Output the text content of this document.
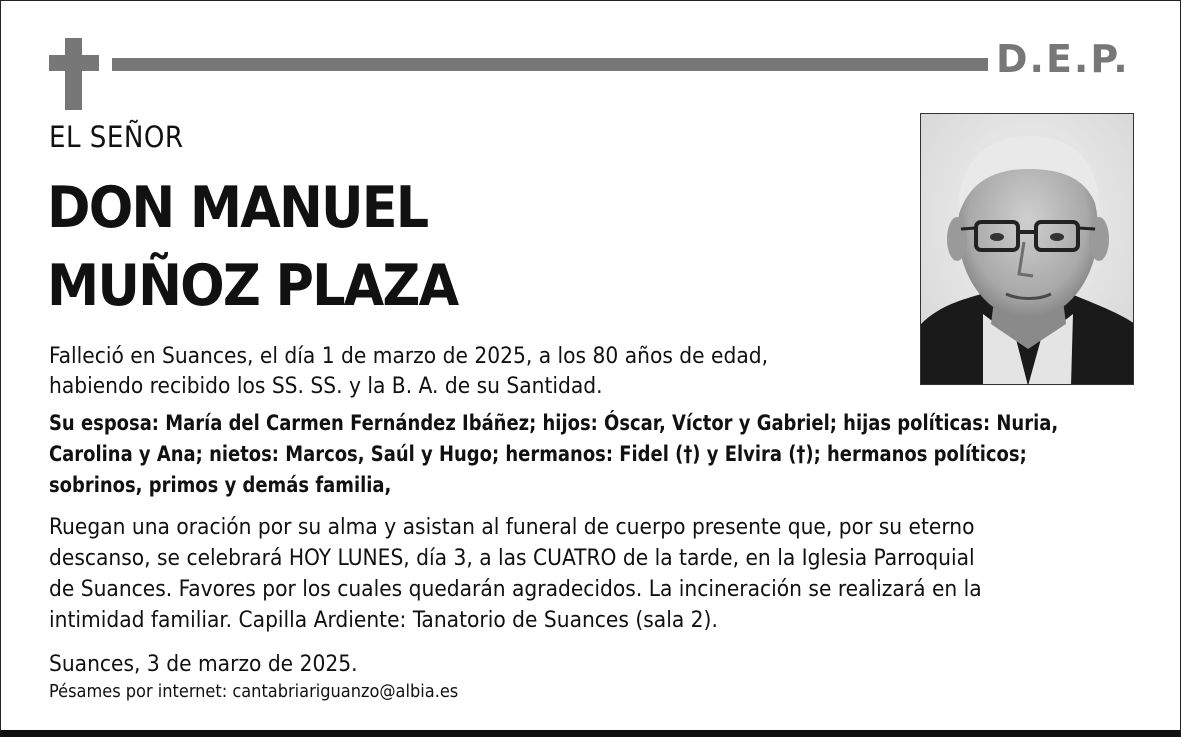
D.E.P.
EL SEÑOR
DON MANUEL
MUÑOZ PLAZA
Falleció en Suances, el día 1 de marzo de 2025, a los 80 años de edad,
habiendo recibido los SS. SS. y la B. A. de su Santidad.
Su esposa: María del Carmen Fernández Ibáñez; hijos: Óscar, Víctor y Gabriel; hijas políticas: Nuria,
Carolina y Ana; nietos: Marcos, Saúl y Hugo; hermanos: Fidel (†) y Elvira (†); hermanos políticos;
sobrinos, primos y demás familia,
Ruegan una oración por su alma y asistan al funeral de cuerpo presente que, por su eterno
descanso, se celebrará HOY LUNES, día 3, a las CUATRO de la tarde, en la Iglesia Parroquial
de Suances. Favores por los cuales quedarán agradecidos. La incineración se realizará en la
intimidad familiar. Capilla Ardiente: Tanatorio de Suances (sala 2).
Suances, 3 de marzo de 2025.
Pésames por internet: cantabriariguanzo@albia.es
